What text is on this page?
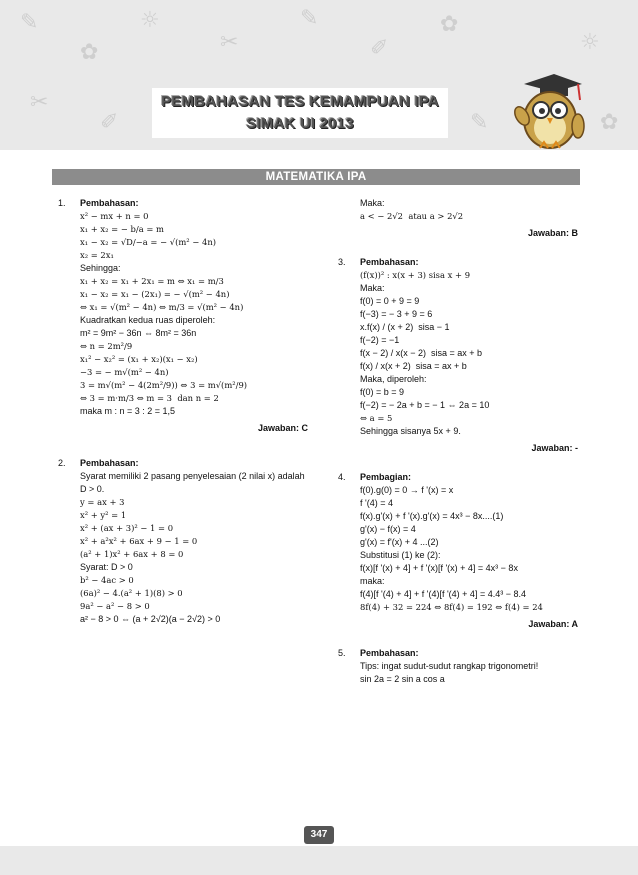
✎
✿
☼
✂
✎
✐
✿
☼
✂
✐	✎	✿
PEMBAHASAN TES KEMAMPUAN IPA
SIMAK UI 2013
MATEMATIKA IPA
1. Pembahasan:
x² − mx + n = 0
x₁ + x₂ = − b/a = m
x₁ − x₂ = √D/−a = − √(m² − 4n)
x₂ = 2x₁
Sehingga:
x₁ + x₂ = x₁ + 2x₁ = m ⇔ x₁ = m/3
x₁ − x₂ = x₁ − (2x₁) = − √(m² − 4n)
⇔ x₁ = √(m² − 4n) ⇔ m/3 = √(m² − 4n)
Kuadratkan kedua ruas diperoleh:
m² = 9m² − 36n ⇔ 8m² = 36n
⇔ n = 2m²/9
x₁² − x₂² = (x₁ + x₂)(x₁ − x₂)
−3 = − m√(m² − 4n)
3 = m√(m² − 4(2m²/9)) ⇔ 3 = m√(m²/9)
⇔ 3 = m·m/3 ⇔ m = 3  dan n = 2
maka m : n = 3 : 2 = 1,5
Jawaban: C
2. Pembahasan:
Syarat memiliki 2 pasang penyelesaian (2 nilai x) adalah D > 0.
y = ax + 3
x² + y² = 1
x² + (ax + 3)² − 1 = 0
x² + a²x² + 6ax + 9 − 1 = 0
(a² + 1)x² + 6ax + 8 = 0
Syarat: D > 0
b² − 4ac > 0
(6a)² − 4.(a² + 1)(8) > 0
9a² − a² − 8 > 0
a² − 8 > 0 ⇔ (a + 2√2)(a − 2√2) > 0
Maka:
a < − 2√2  atau a > 2√2
Jawaban: B
3. Pembahasan:
(f(x))² : x(x + 3) sisa x + 9
Maka:
f(0) = 0 + 9 = 9
f(−3) = − 3 + 9 = 6
x.f(x) / (x + 2)  sisa − 1
f(−2) = −1
f(x − 2) / x(x − 2)  sisa = ax + b
f(x) / x(x + 2)  sisa = ax + b
Maka, diperoleh:
f(0) = b = 9
f(−2) = − 2a + b = − 1 ⇔ 2a = 10
⇔ a = 5
Sehingga sisanya 5x + 9.
Jawaban: -
4. Pembagian:
f(0).g(0) = 0 → f '(x) = x
f '(4) = 4
f(x).g'(x) + f '(x).g'(x) = 4x³ − 8x....(1)
g'(x) − f(x) = 4
g'(x) = f'(x) + 4 ...(2)
Substitusi (1) ke (2):
f(x)[f '(x) + 4] + f '(x)[f '(x) + 4] = 4x³ − 8x
maka:
f(4)[f '(4) + 4] + f '(4)[f '(4) + 4] = 4.4³ − 8.4
8f(4) + 32 = 224 ⇔ 8f(4) = 192 ⇔ f(4) = 24
Jawaban: A
5. Pembahasan:
Tips: ingat sudut-sudut rangkap trigonometri!
sin 2a = 2 sin a cos a
347
